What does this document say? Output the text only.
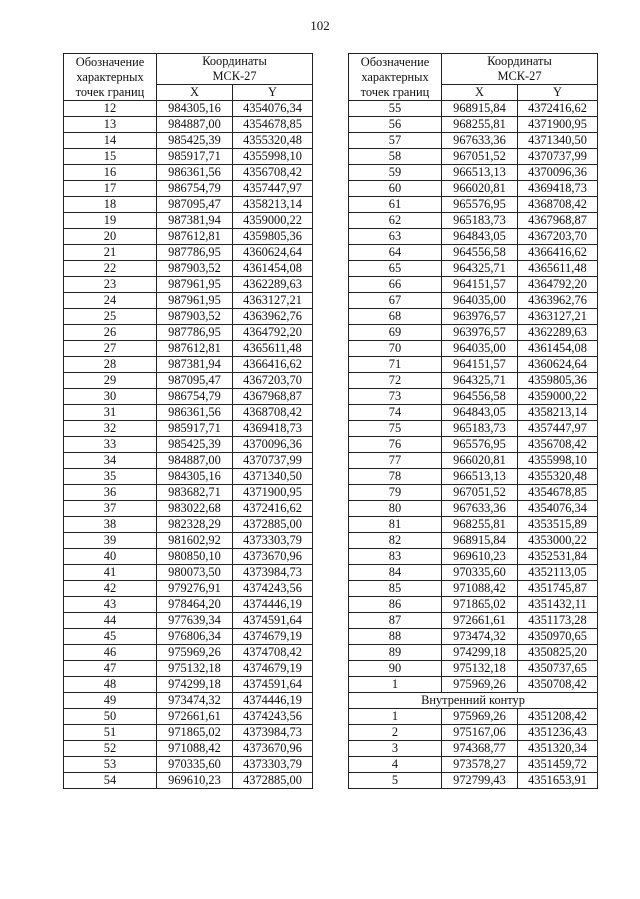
102
Обозначение
характерных
точек границ	Координаты
МСК-27	
	X	Y
12	984305,16	4354076,34
13	984887,00	4354678,85
14	985425,39	4355320,48
15	985917,71	4355998,10
16	986361,56	4356708,42
17	986754,79	4357447,97
18	987095,47	4358213,14
19	987381,94	4359000,22
20	987612,81	4359805,36
21	987786,95	4360624,64
22	987903,52	4361454,08
23	987961,95	4362289,63
24	987961,95	4363127,21
25	987903,52	4363962,76
26	987786,95	4364792,20
27	987612,81	4365611,48
28	987381,94	4366416,62
29	987095,47	4367203,70
30	986754,79	4367968,87
31	986361,56	4368708,42
32	985917,71	4369418,73
33	985425,39	4370096,36
34	984887,00	4370737,99
35	984305,16	4371340,50
36	983682,71	4371900,95
37	983022,68	4372416,62
38	982328,29	4372885,00
39	981602,92	4373303,79
40	980850,10	4373670,96
41	980073,50	4373984,73
42	979276,91	4374243,56
43	978464,20	4374446,19
44	977639,34	4374591,64
45	976806,34	4374679,19
46	975969,26	4374708,42
47	975132,18	4374679,19
48	974299,18	4374591,64
49	973474,32	4374446,19
50	972661,61	4374243,56
51	971865,02	4373984,73
52	971088,42	4373670,96
53	970335,60	4373303,79
54	969610,23	4372885,00
Обозначение
характерных
точек границ	Координаты
МСК-27	
	X	Y
55	968915,84	4372416,62
56	968255,81	4371900,95
57	967633,36	4371340,50
58	967051,52	4370737,99
59	966513,13	4370096,36
60	966020,81	4369418,73
61	965576,95	4368708,42
62	965183,73	4367968,87
63	964843,05	4367203,70
64	964556,58	4366416,62
65	964325,71	4365611,48
66	964151,57	4364792,20
67	964035,00	4363962,76
68	963976,57	4363127,21
69	963976,57	4362289,63
70	964035,00	4361454,08
71	964151,57	4360624,64
72	964325,71	4359805,36
73	964556,58	4359000,22
74	964843,05	4358213,14
75	965183,73	4357447,97
76	965576,95	4356708,42
77	966020,81	4355998,10
78	966513,13	4355320,48
79	967051,52	4354678,85
80	967633,36	4354076,34
81	968255,81	4353515,89
82	968915,84	4353000,22
83	969610,23	4352531,84
84	970335,60	4352113,05
85	971088,42	4351745,87
86	971865,02	4351432,11
87	972661,61	4351173,28
88	973474,32	4350970,65
89	974299,18	4350825,20
90	975132,18	4350737,65
1	975969,26	4350708,42
Внутренний контур		
1	975969,26	4351208,42
2	975167,06	4351236,43
3	974368,77	4351320,34
4	973578,27	4351459,72
5	972799,43	4351653,91
